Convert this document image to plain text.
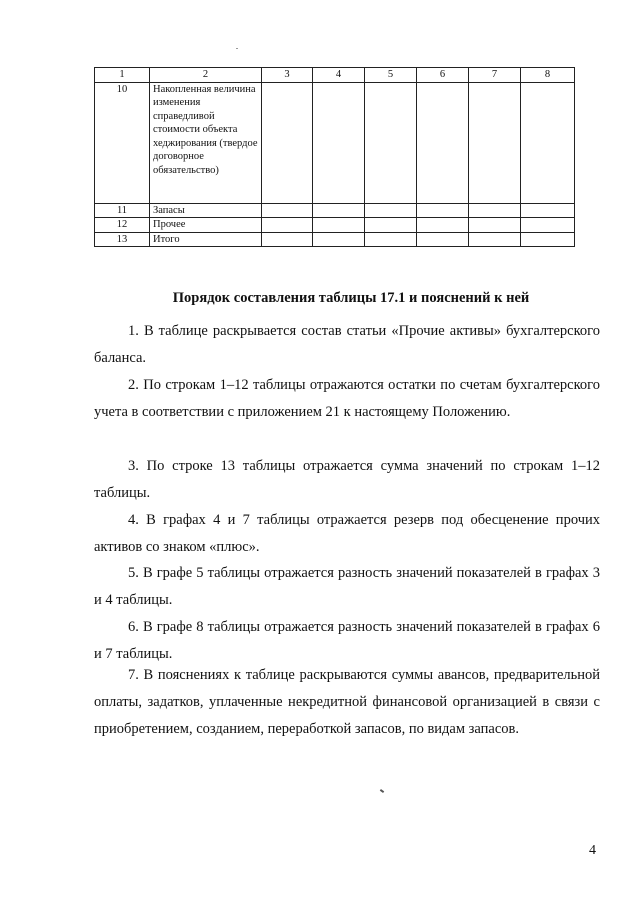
1	2	3	4	5	6	7	8
10	Накопленная величина изменения справедливой стоимости объекта хеджирования (твердое договорное обязательство)						
11	Запасы						
12	Прочее						
13	Итого						
Порядок составления таблицы 17.1 и пояснений к ней

1. В таблице раскрывается состав статьи «Прочие активы» бухгалтерского баланса.

2. По строкам 1–12 таблицы отражаются остатки по счетам бухгалтерского учета в соответствии с приложением 21 к настоящему Положению.

3. По строке 13 таблицы отражается сумма значений по строкам 1–12 таблицы.

4. В графах 4 и 7 таблицы отражается резерв под обесценение прочих активов со знаком «плюс».

5. В графе 5 таблицы отражается разность значений показателей в графах 3 и 4 таблицы.

6. В графе 8 таблицы отражается разность значений показателей в графах 6 и 7 таблицы.

7. В пояснениях к таблице раскрываются суммы авансов, предварительной оплаты, задатков, уплаченные некредитной финансовой организацией в связи с приобретением, созданием, переработкой запасов, по видам запасов.

4
